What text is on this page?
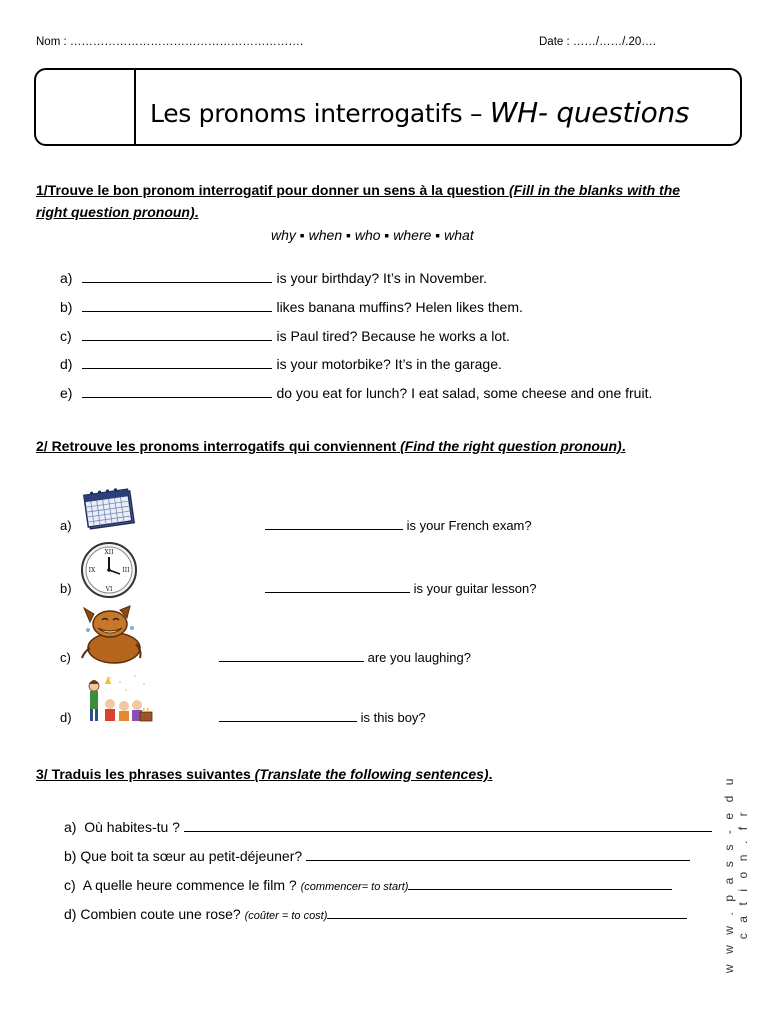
Nom : …………………………………………………….	Date : ……/……/.20….
Les pronoms interrogatifs – WH- questions
1/Trouve le bon pronom interrogatif pour donner un sens à la question (Fill in the blanks with the
right question pronoun).
why ▪ when ▪ who ▪ where ▪ what
a)	is your birthday? It’s in November.
b)	likes banana muffins? Helen likes them.
c)	is Paul tired? Because he works a lot.
d)	is your motorbike? It’s in the garage.
e)	do you eat for lunch? I eat salad, some cheese and one fruit.
2/ Retrouve les pronoms interrogatifs qui conviennent (Find the right question pronoun).
a)	is your French exam?
XII
III
VI
IX
b)	is your guitar lesson?
c)	are you laughing?
d)	is this boy?
3/ Traduis les phrases suivantes (Translate the following sentences).
a) Où habites-tu ?
b) Que boit ta sœur au petit-déjeuner?
c) A quelle heure commence le film ? (commencer= to start)
d) Combien coute une rose? (coûter = to cost)	w w w . p a s s - e d u c a t i o n . f r
